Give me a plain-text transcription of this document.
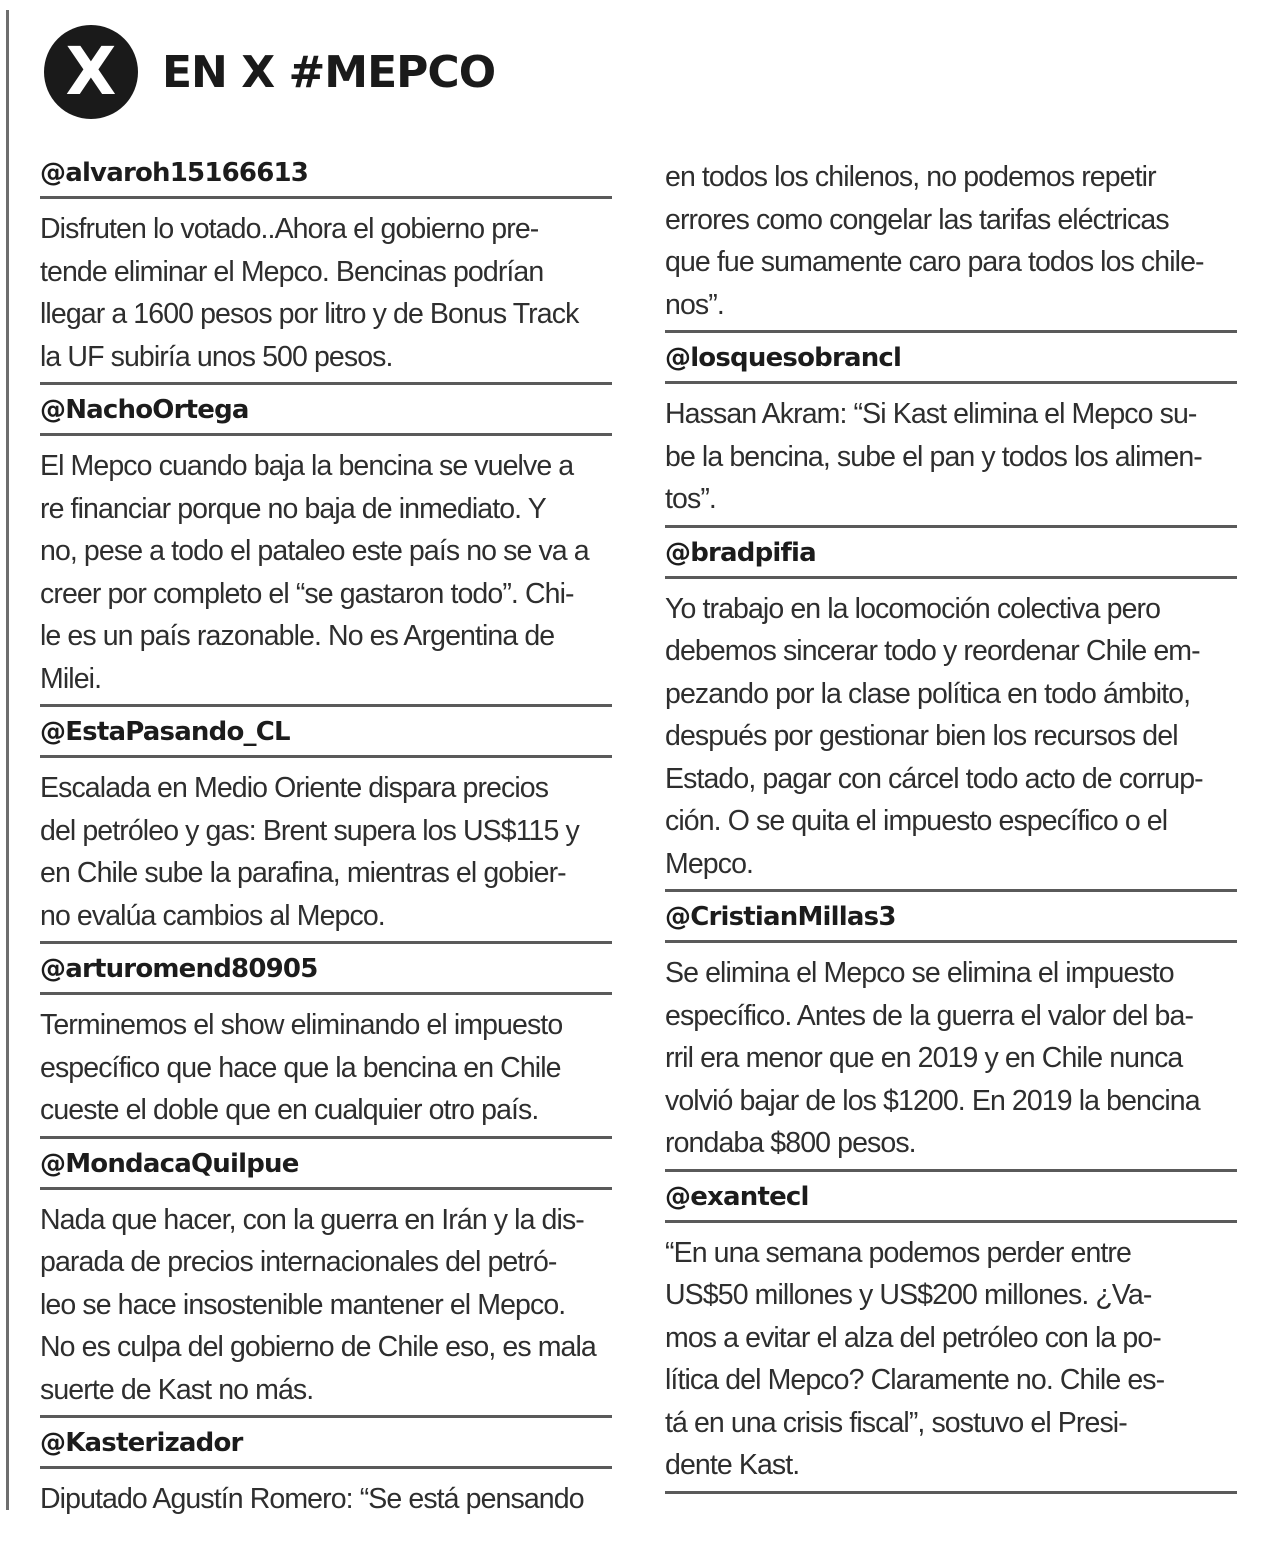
X EN X #MEPCO
@alvaroh15166613
Disfruten lo votado..Ahora el gobierno pre-
tende eliminar el Mepco. Bencinas podrían
llegar a 1600 pesos por litro y de Bonus Track
la UF subiría unos 500 pesos.
@NachoOrtega
El Mepco cuando baja la bencina se vuelve a
re financiar porque no baja de inmediato. Y
no, pese a todo el pataleo este país no se va a
creer por completo el “se gastaron todo”. Chi-
le es un país razonable. No es Argentina de
Milei.
@EstaPasando_CL
Escalada en Medio Oriente dispara precios
del petróleo y gas: Brent supera los US$115 y
en Chile sube la parafina, mientras el gobier-
no evalúa cambios al Mepco.
@arturomend80905
Terminemos el show eliminando el impuesto
específico que hace que la bencina en Chile
cueste el doble que en cualquier otro país.
@MondacaQuilpue
Nada que hacer, con la guerra en Irán y la dis-
parada de precios internacionales del petró-
leo se hace insostenible mantener el Mepco.
No es culpa del gobierno de Chile eso, es mala
suerte de Kast no más.
@Kasterizador
Diputado Agustín Romero: “Se está pensando
en todos los chilenos, no podemos repetir
errores como congelar las tarifas eléctricas
que fue sumamente caro para todos los chile-
nos”.
@losquesobrancl
Hassan Akram: “Si Kast elimina el Mepco su-
be la bencina, sube el pan y todos los alimen-
tos”.
@bradpifia
Yo trabajo en la locomoción colectiva pero
debemos sincerar todo y reordenar Chile em-
pezando por la clase política en todo ámbito,
después por gestionar bien los recursos del
Estado, pagar con cárcel todo acto de corrup-
ción. O se quita el impuesto específico o el
Mepco.
@CristianMillas3
Se elimina el Mepco se elimina el impuesto
específico. Antes de la guerra el valor del ba-
rril era menor que en 2019 y en Chile nunca
volvió bajar de los $1200. En 2019 la bencina
rondaba $800 pesos.
@exantecl
“En una semana podemos perder entre
US$50 millones y US$200 millones. ¿Va-
mos a evitar el alza del petróleo con la po-
lítica del Mepco? Claramente no. Chile es-
tá en una crisis fiscal”, sostuvo el Presi-
dente Kast.
